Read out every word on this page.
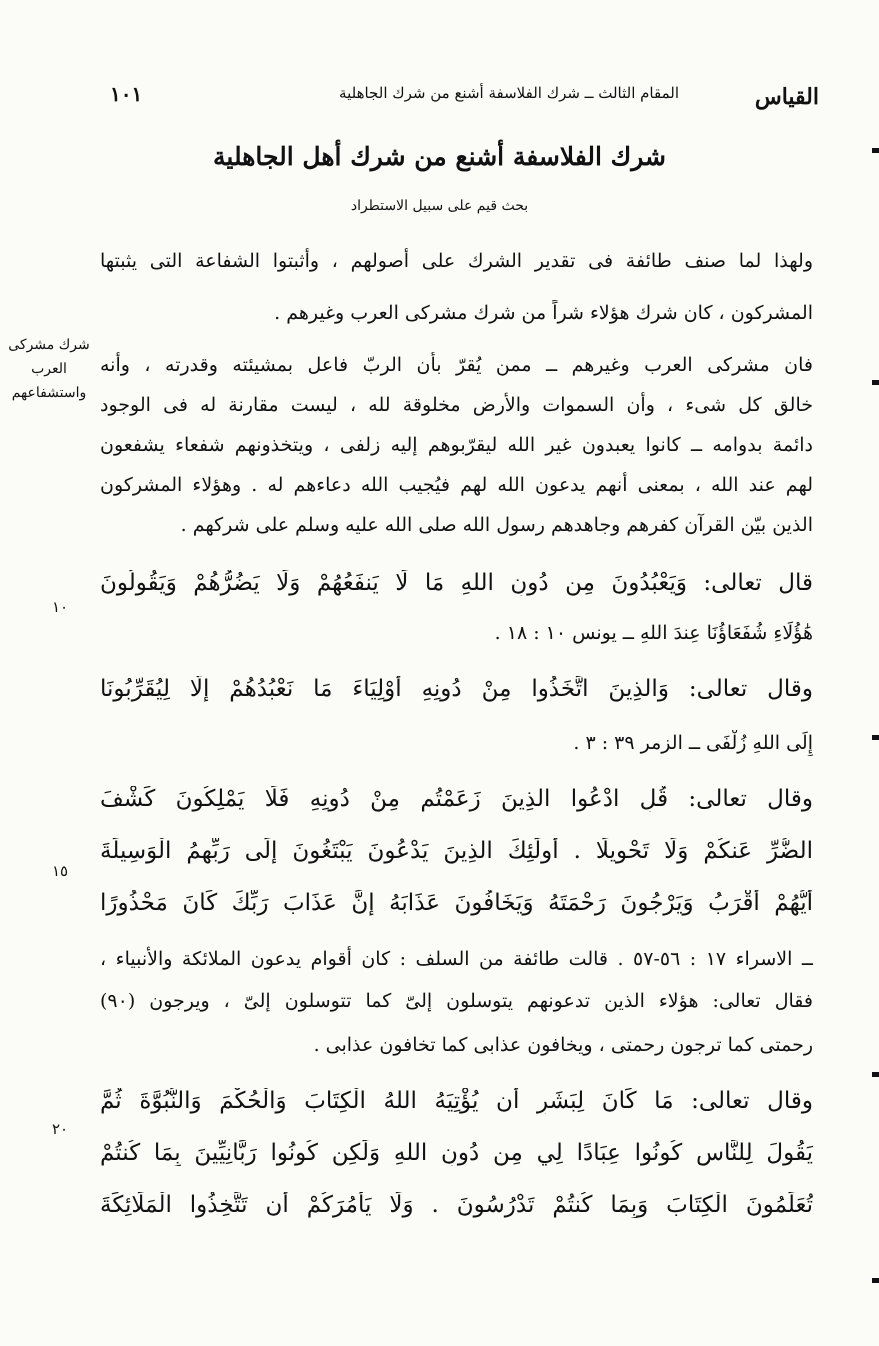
القياس
المقام الثالث ــ شرك الفلاسفة أشنع من شرك الجاهلية
١٠١
شرك الفلاسفة أشنع من شرك أهل الجاهلية
بحث قيم على سبيل الاستطراد
شرك مشركى
العرب
واستشفاعهم
١٠
١٥
٢٠
ولهذا لما صنف طائفة فى تقدير الشرك على أصولهم ، وأثبتوا الشفاعة التى يثبتها
المشركون ، كان شرك هؤلاء شراً من شرك مشركى العرب وغيرهم .
فان مشركى العرب وغيرهم ــ ممن يُقرّ بأن الربّ فاعل بمشيئته وقدرته ، وأنه
خالق كل شىء ، وأن السموات والأرض مخلوقة لله ، ليست مقارنة له فى الوجود
دائمة بدوامه ــ كانوا يعبدون غير الله ليقرّبوهم إليه زلفى ، ويتخذونهم شفعاء يشفعون
لهم عند الله ، بمعنى أنهم يدعون الله لهم فيُجيب الله دعاءهم له . وهؤلاء المشركون
الذين بيّن القرآن كفرهم وجاهدهم رسول الله صلى الله عليه وسلم على شركهم .
قال تعالى: وَيَعْبُدُونَ مِن دُونِ اللهِ مَا لَا يَنفَعُهُمْ وَلَا يَضُرُّهُمْ وَيَقُولُونَ
هَٰؤُلَاءِ شُفَعَاؤُنَا عِندَ اللهِ ــ يونس ١٠ : ١٨ .
وقال تعالى: وَالذِينَ اتَّخَذُوا مِنْ دُونِهِ أَوْلِيَاءَ مَا نَعْبُدُهُمْ إِلَّا لِيُقَرِّبُونَا
إِلَى اللهِ زُلْفَى ــ الزمر ٣٩ : ٣ .
وقال تعالى: قُلِ ادْعُوا الذِينَ زَعَمْتُم مِنْ دُونِهِ فَلَا يَمْلِكُونَ كَشْفَ
الضُّرِّ عَنكُمْ وَلَا تَحْوِيلًا . أُولَٰئِكَ الذِينَ يَدْعُونَ يَبْتَغُونَ إِلَى رَبِّهِمُ الْوَسِيلَةَ
أَيُّهُمْ أَقْرَبُ وَيَرْجُونَ رَحْمَتَهُ وَيَخَافُونَ عَذَابَهُ إِنَّ عَذَابَ رَبِّكَ كَانَ مَحْذُورًا
ــ الاسراء ١٧ : ٥٦-٥٧ . قالت طائفة من السلف : كان أقوام يدعون الملائكة والأنبياء ،
فقال تعالى: هؤلاء الذين تدعونهم يتوسلون إلىّ كما تتوسلون إلىّ ، ويرجون (٩٠)
رحمتى كما ترجون رحمتى ، ويخافون عذابى كما تخافون عذابى .
وقال تعالى: مَا كَانَ لِبَشَرٍ أَن يُؤْتِيَهُ اللهُ الْكِتَابَ وَالْحُكْمَ وَالنُّبُوَّةَ ثُمَّ
يَقُولَ لِلنَّاسِ كُونُوا عِبَادًا لِي مِن دُونِ اللهِ وَلَٰكِن كُونُوا رَبَّانِيِّينَ بِمَا كُنتُمْ
تُعَلِّمُونَ الْكِتَابَ وَبِمَا كُنتُمْ تَدْرُسُونَ . وَلَا يَأْمُرَكُمْ أَن تَتَّخِذُوا الْمَلَائِكَةَ
